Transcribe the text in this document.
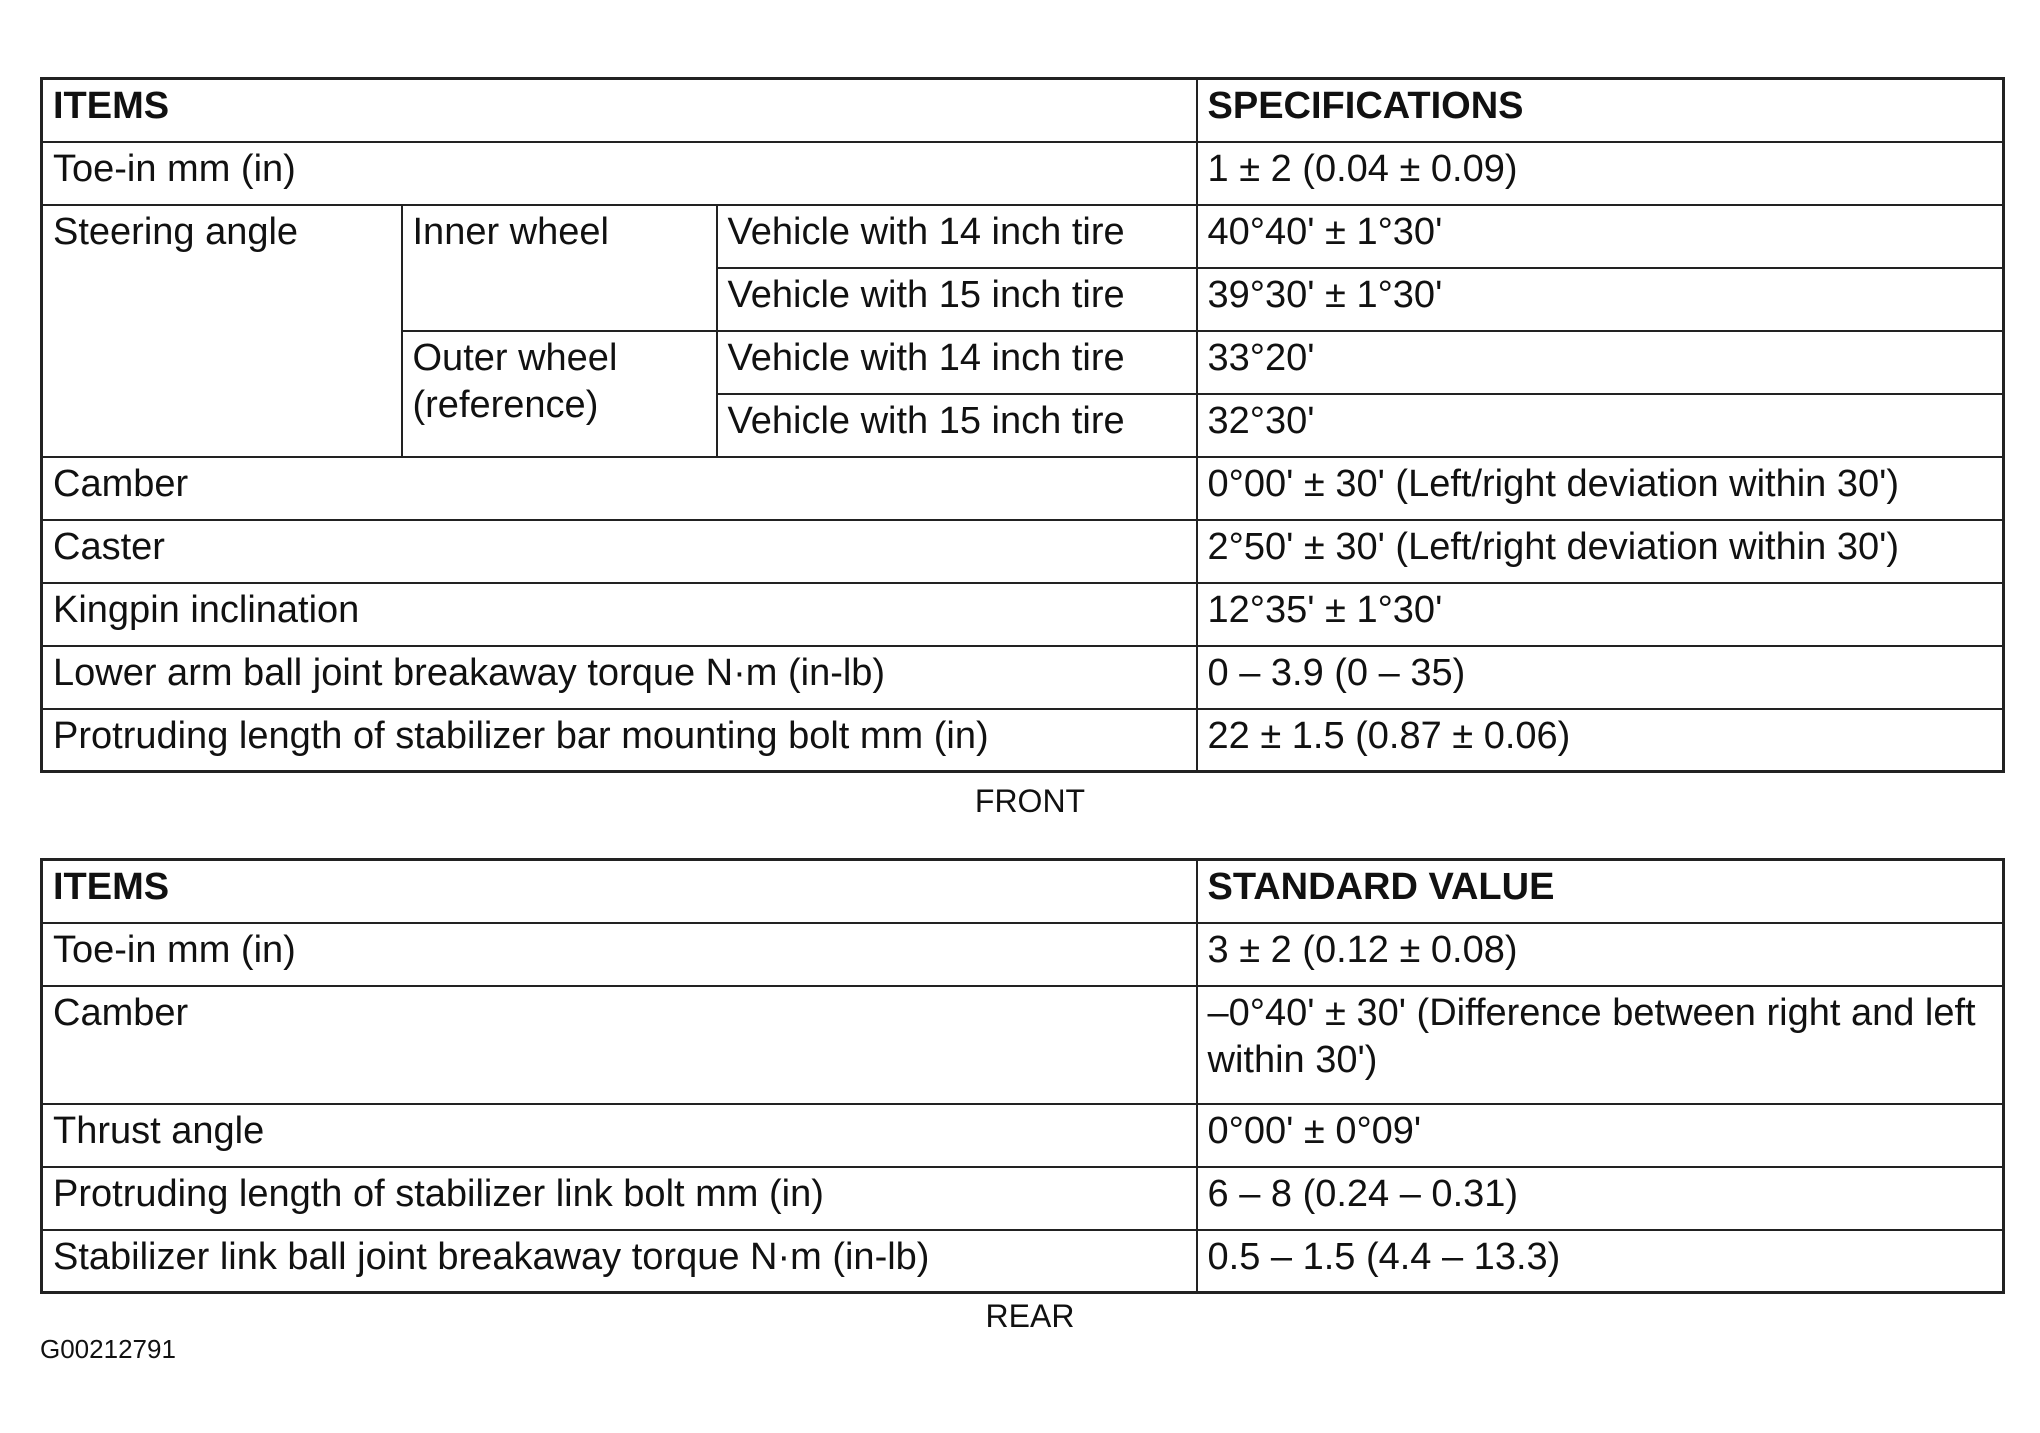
ITEMS			SPECIFICATIONS
Toe-in mm (in)			1 ± 2 (0.04 ± 0.09)
Steering angle	Inner wheel	Vehicle with 14 inch tire	40°40' ± 1°30'
		Vehicle with 15 inch tire	39°30' ± 1°30'
	Outer wheel (reference)	Vehicle with 14 inch tire	33°20'
		Vehicle with 15 inch tire	32°30'
Camber			0°00' ± 30' (Left/right deviation within 30')
Caster			2°50' ± 30' (Left/right deviation within 30')
Kingpin inclination			12°35' ± 1°30'
Lower arm ball joint breakaway torque N·m (in-lb)			0 – 3.9 (0 – 35)
Protruding length of stabilizer bar mounting bolt mm (in)			22 ± 1.5 (0.87 ± 0.06)
FRONT
ITEMS	STANDARD VALUE
Toe-in mm (in)	3 ± 2 (0.12 ± 0.08)
Camber	–0°40' ± 30' (Difference between right and left within 30')
Thrust angle	0°00' ± 0°09'
Protruding length of stabilizer link bolt mm (in)	6 – 8 (0.24 – 0.31)
Stabilizer link ball joint breakaway torque N·m (in-lb)	0.5 – 1.5 (4.4 – 13.3)
REAR
G00212791
